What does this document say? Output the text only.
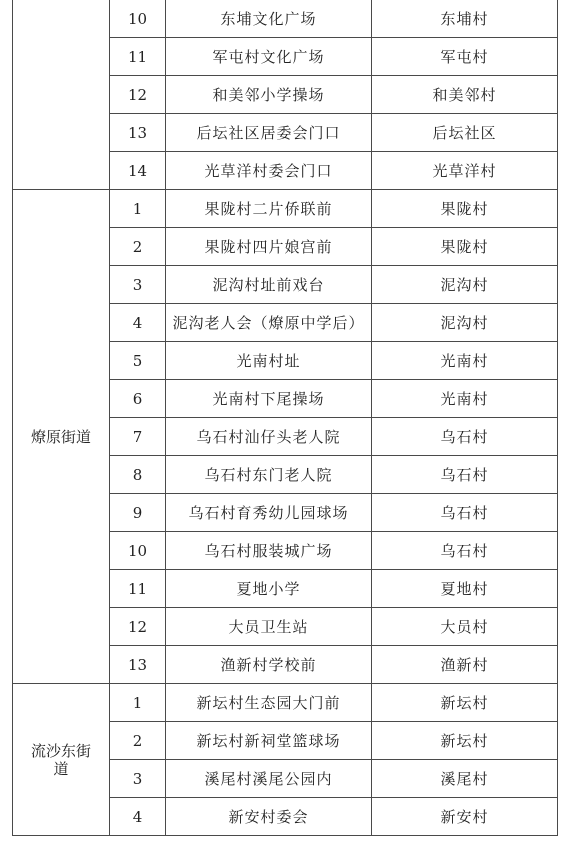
	10	东埔文化广场	东埔村
	11	军屯村文化广场	军屯村
	12	和美邻小学操场	和美邻村
	13	后坛社区居委会门口	后坛社区
	14	光草洋村委会门口	光草洋村

燎原街道	1	果陇村二片侨联前	果陇村
	2	果陇村四片娘宫前	果陇村
	3	泥沟村址前戏台	泥沟村
	4	泥沟老人会（燎原中学后）	泥沟村
	5	光南村址	光南村
	6	光南村下尾操场	光南村
	7	乌石村汕仔头老人院	乌石村
	8	乌石村东门老人院	乌石村
	9	乌石村育秀幼儿园球场	乌石村
	10	乌石村服装城广场	乌石村
	11	夏地小学	夏地村
	12	大员卫生站	大员村
	13	渔新村学校前	渔新村

流沙东街
道	1	新坛村生态园大门前	新坛村
	2	新坛村新祠堂篮球场	新坛村
	3	溪尾村溪尾公园内	溪尾村
	4	新安村委会	新安村
